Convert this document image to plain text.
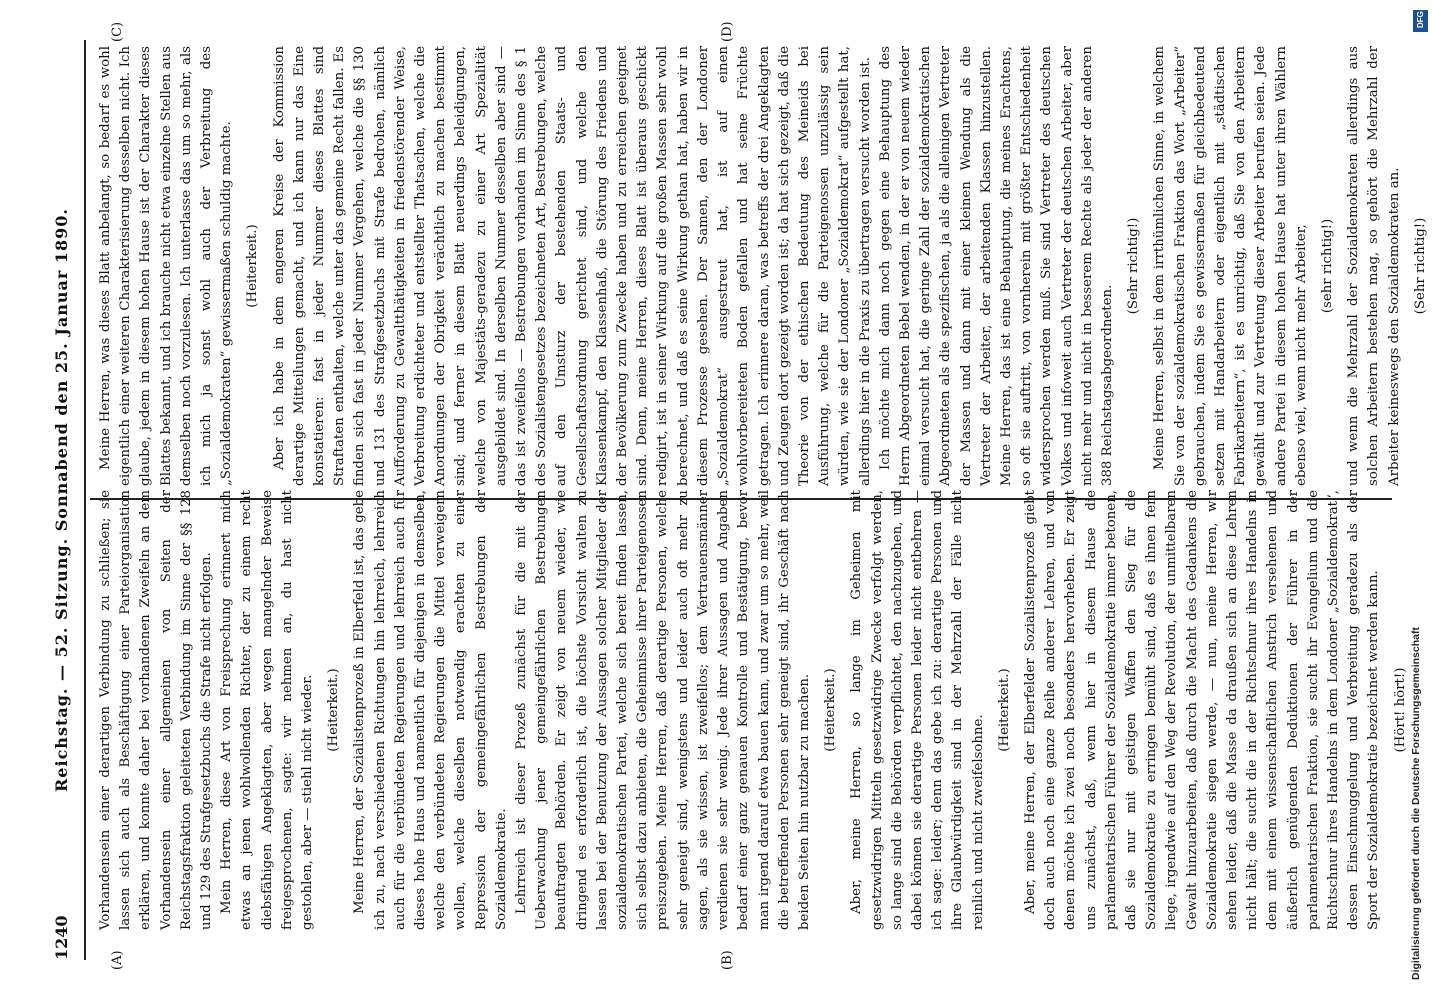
1240
Reichstag. — 52. Sitzung. Sonnabend den 25. Januar 1890.
(A)	(B)
(C)	(D)

Vorhandensein einer derartigen Verbindung zu schließen; sie lassen sich auch als Beschäftigung einer Parteiorganisation erklären, und konnte daher bei vorhandenen Zweifeln an dem Vorhandensein einer allgemeinen von Seiten der Reichstagsfraktion geleiteten Verbindung im Sinne der §§ 128 und 129 des Strafgesetzbuchs die Strafe nicht erfolgen. Mein Herren, diese Art von Freisprechung erinnert mich etwas an jenen wohlwollenden Richter, der zu einem recht diebsfähigen Angeklagten, aber wegen mangelnder Beweise freigesprochenen, sagte: wir nehmen an, du hast nicht gestohlen, aber — stiehl nicht wieder. (Heiterkeit.) Meine Herren, der Sozialistenprozeß in Elberfeld ist, das gebe ich zu, nach verschiedenen Richtungen hin lehrreich, lehrreich auch für die verbündeten Regierungen und lehrreich auch für dieses hohe Haus und namentlich für diejenigen in demselben, welche den verbündeten Regierungen die Mittel verweigern wollen, welche dieselben notwendig erachten zu einer Repression der gemeingefährlichen Bestrebungen der Sozialdemokratie. Lehrreich ist dieser Prozeß zunächst für die mit der Ueberwachung jener gemeingefährlichen Bestrebungen beauftragten Behörden. Er zeigt von neuem wieder, wie dringend es erforderlich ist, die höchste Vorsicht walten zu lassen bei der Benutzung der Aussagen solcher Mitglieder der sozialdemokratischen Partei, welche sich bereit finden lassen, sich selbst dazu anbieten, die Geheimnisse ihrer Parteigenossen preiszugeben. Meine Herren, daß derartige Personen, welche sehr geneigt sind, wenigstens und leider auch oft mehr zu sagen, als sie wissen, ist zweifellos; dem Vertrauensmänner verdienen sie sehr wenig. Jede ihrer Aussagen und Angaben bedarf einer ganz genauen Kontrolle und Bestätigung, bevor man irgend darauf etwa bauen kann, und zwar um so mehr, weil die betreffenden Personen sehr geneigt sind, ihr Geschäft nach beiden Seiten hin nutzbar zu machen. (Heiterkeit.) Aber, meine Herren, so lange im Geheimen mit gesetzwidrigen Mitteln gesetzwidrige Zwecke verfolgt werden, so lange sind die Behörden verpflichtet, den nachzugehen, und dabei können sie derartige Personen leider nicht entbehren — ich sage: leider; denn das gebe ich zu: derartige Personen und ihre Glaubwürdigkeit sind in der Mehrzahl der Fälle nicht reinlich und nicht zweifelsohne.

(Heiterkeit.) Aber, meine Herren, der Elberfelder Sozialistenprozeß giebt doch auch noch eine ganze Reihe anderer Lehren, und von denen möchte ich zwei noch besonders hervorheben. Er zeigt uns zunächst, daß, wenn hier in diesem Hause die parlamentarischen Führer der Sozialdemokratie immer betonen, daß sie nur mit geistigen Waffen den Sieg für die Sozialdemokratie zu erringen bemüht sind, daß es ihnen fern liege, irgendwie auf den Weg der Revolution, der unmittelbaren Gewalt hinzuarbeiten, daß durch die Macht des Gedankens die Sozialdemokratie siegen werde, — nun, meine Herren, wir sehen leider, daß die Masse da draußen sich an diese Lehren nicht hält; die sucht die in der Richtschnur ihres Handelns in dem mit einem wissenschaftlichen Anstrich versehenen und äußerlich genügenden Deduktionen der Führer in der parlamentarischen Fraktion, sie sucht ihr Evangelium und die Richtschnur ihres Handelns in dem Londoner „Sozialdemokrat“, dessen Einschmuggelung und Verbreitung geradezu als der Sport der Sozialdemokratie bezeichnet werden kann. (Hört! hört!)

Meine Herren, was dieses Blatt anbelangt, so bedarf es wohl eigentlich einer weiteren Charakterisierung desselben nicht. Ich glaube, jedem in diesem hohen Hause ist der Charakter dieses Blattes bekannt, und ich brauche nicht etwa einzelne Stellen aus demselben noch vorzulesen. Ich unterlasse das um so mehr, als ich mich ja sonst wohl auch der Verbreitung des „Sozialdemokraten“ gewissermaßen schuldig machte. (Heiterkeit.) Aber ich habe in dem engeren Kreise der Kommission derartige Mitteilungen gemacht, und ich kann nur das Eine konstatieren: fast in jeder Nummer dieses Blattes sind Straftaten enthalten, welche unter das gemeine Recht fallen. Es finden sich fast in jeder Nummer Vergehen, welche die §§ 130 und 131 des Strafgesetzbuchs mit Strafe bedrohen, nämlich Aufforderung zu Gewaltthätigkeiten in friedenstörender Weise, Verbreitung erdichteter und entstellter Thatsachen, welche die Anordnungen der Obrigkeit verächtlich zu machen bestimmt sind; und ferner in diesem Blatt neuerdings beleidigungen, welche von Majestäts-geradezu zu einer Art Spezialität ausgebildet sind. In derselben Nummer desselben aber sind — das ist zweifellos — Bestrebungen vorhanden im Sinne des § 1 des Sozialistengesetzes bezeichneten Art, Bestrebungen, welche auf den Umsturz der bestehenden Staats- und Gesellschaftsordnung gerichtet sind, und welche den Klassenkampf, den Klassenhaß, die Störung des Friedens und der Bevölkerung zum Zwecke haben und zu erreichen geeignet sind. Denn, meine Herren, dieses Blatt ist überaus geschickt redigirt, ist in seiner Wirkung auf die großen Massen sehr wohl berechnet, und daß es seine Wirkung gethan hat, haben wir in diesem Prozesse gesehen. Der Samen, den der Londoner „Sozialdemokrat“ ausgestreut hat, ist auf einen wohlvorbereiteten Boden gefallen und hat seine Früchte getragen. Ich erinnere daran, was betreffs der drei Angeklagten und Zeugen dort gezeigt worden ist; da hat sich gezeigt, daß die Theorie von der ethischen Bedeutung des Meineids bei Ausführung, welche für die Parteigenossen unzulässig sein würden, wie sie der Londoner „Sozialdemokrat“ aufgestellt hat, allerdings hier in die Praxis zu übertragen versucht worden ist. Ich möchte mich dann noch gegen eine Behauptung des Herrn Abgeordneten Bebel wenden, in der er von neuem wieder einmal versucht hat, die geringe Zahl der sozialdemokratischen Abgeordneten als die spezifischen, ja als die alleinigen Vertreter der Massen und dann mit einer kleinen Wendung als die Vertreter der Arbeiter, der arbeitenden Klassen hinzustellen. Meine Herren, das ist eine Behauptung, die meines Erachtens, so oft sie auftritt, von vornherein mit größter Entschiedenheit widersprochen werden muß. Sie sind Vertreter des deutschen Volkes und infoweit auch Vertreter der deutschen Arbeiter, aber nicht mehr und nicht in besserem Rechte als jeder der anderen 388 Reichstagsabgeordneten.

(Sehr richtig!) Meine Herren, selbst in dem irrthümlichen Sinne, in welchem Sie von der sozialdemokratischen Fraktion das Wort „Arbeiter“ gebrauchen, indem Sie es gewissermaßen für gleichbedeutend setzen mit Handarbeitern oder eigentlich mit „städtischen Fabrikarbeitern“, ist es unrichtig, daß Sie von den Arbeitern gewählt und zur Vertretung dieser Arbeiter berufen seien. Jede andere Partei in diesem hohen Hause hat unter ihren Wählern ebenso viel, wenn nicht mehr Arbeiter, (sehr richtig!) und wenn die Mehrzahl der Sozialdemokraten allerdings aus solchen Arbeitern bestehen mag, so gehört die Mehrzahl der Arbeiter keineswegs den Sozialdemokraten an. (Sehr richtig!)

DFG
Digitalisierung gefördert durch die Deutsche Forschungsgemeinschaft
